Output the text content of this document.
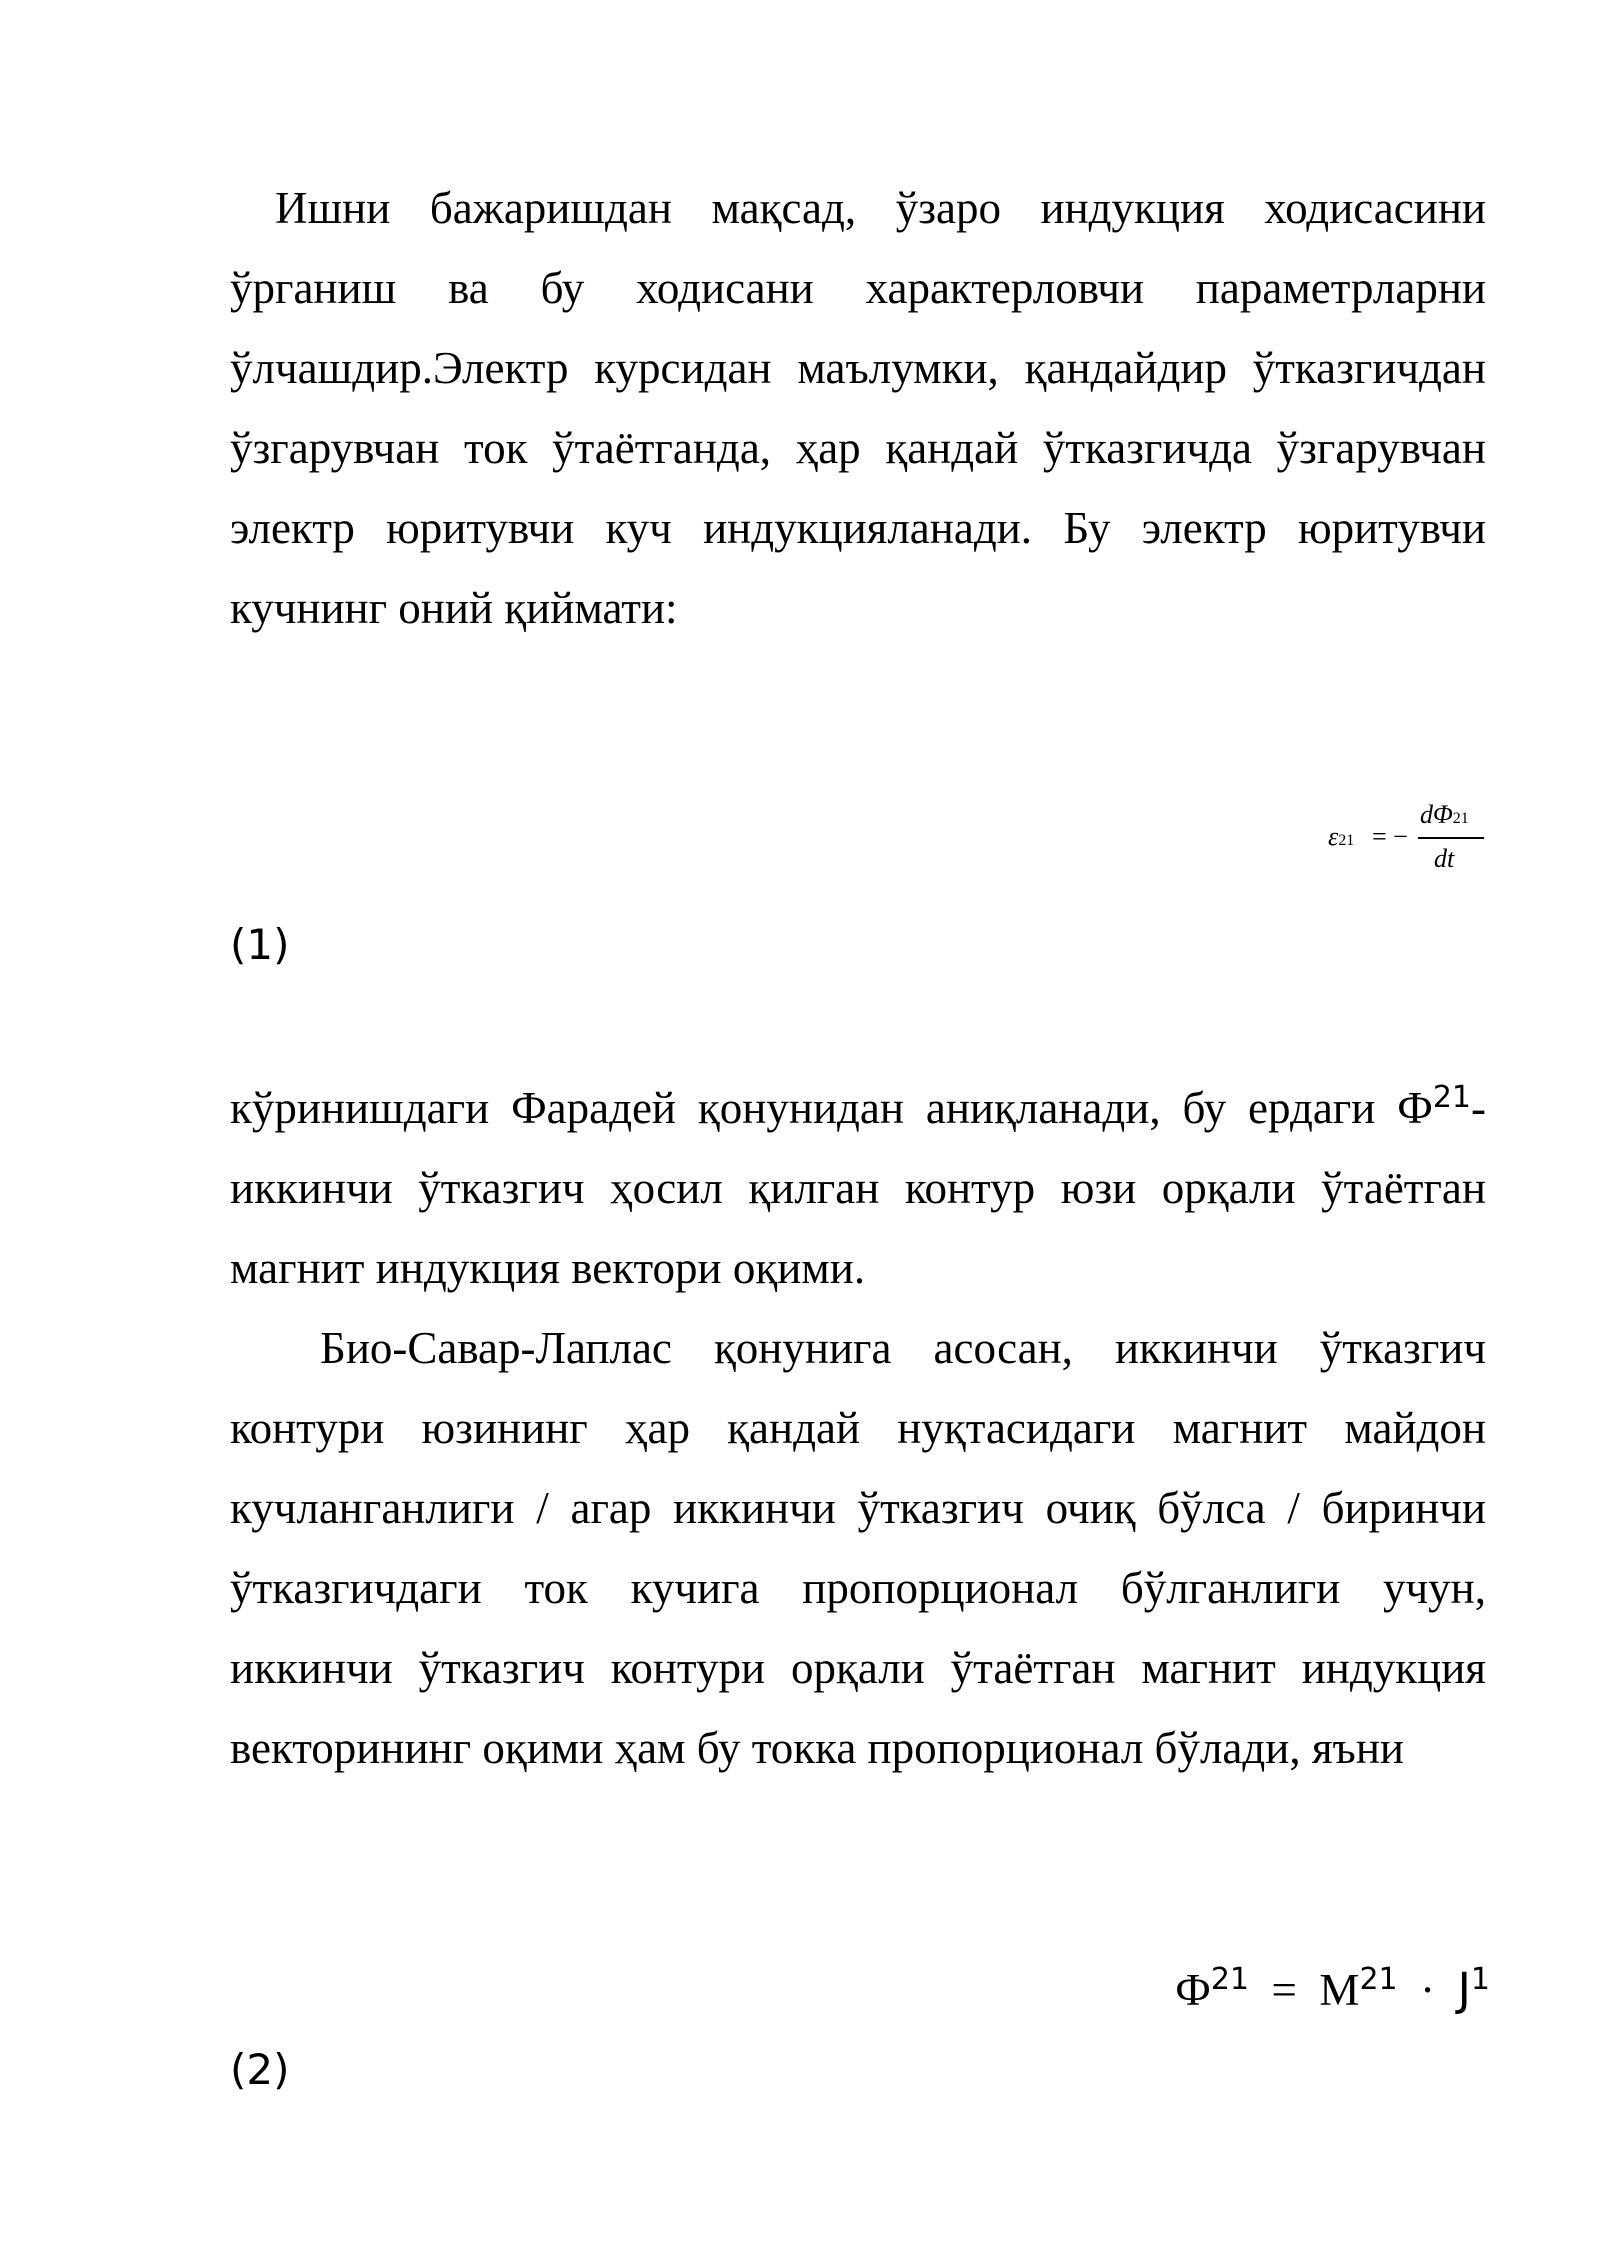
Ишни бажаришдан мақсад, ўзаро индукция ходисасини ўрганиш ва бу ходисани характерловчи параметрларни ўлчашдир.Электр курсидан маълумки, қандайдир ўтказгичдан ўзгарувчан ток ўтаётганда, ҳар қандай ўтказгичда ўзгарувчан электр юритувчи куч индукцияланади. Бу электр юритувчи кучнинг оний қиймати:

ε21 = −
dΦ21
dt
(1)

кўринишдаги Фарадей қонунидан аниқланади, бу ердаги $Ф^{21}$-иккинчи ўтказгич ҳосил қилган контур юзи орқали ўтаётган магнит индукция вектори оқими.

Био-Савар-Лаплас қонунига асосан, иккинчи ўтказгич контури юзининг ҳар қандай нуқтасидаги магнит майдон кучланганлиги / агар иккинчи ўтказгич очиқ бўлса / биринчи ўтказгичдаги ток кучига пропорционал бўлганлиги учун, иккинчи ўтказгич контури орқали ўтаётган магнит индукция векторининг оқими ҳам бу токка пропорционал бўлади, яъни

$Ф^{21} = М^{21} \cdot J^1$
(2)
